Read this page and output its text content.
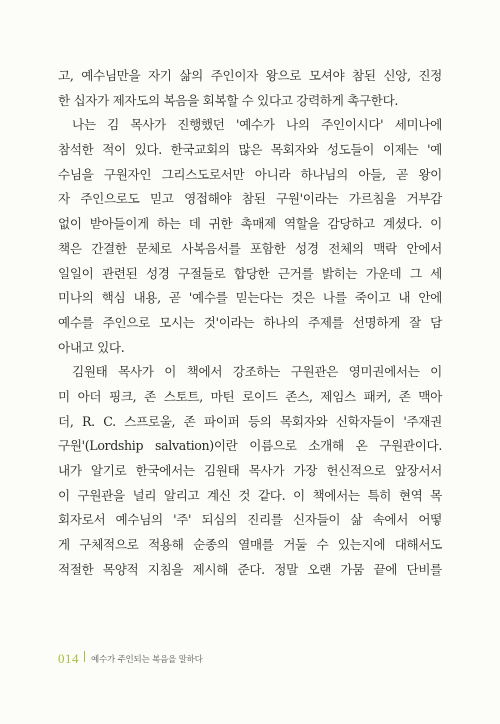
고, 예수님만을 자기 삶의 주인이자 왕으로 모셔야 참된 신앙, 진정
한 십자가 제자도의 복음을 회복할 수 있다고 강력하게 촉구한다.
나는 김 목사가 진행했던 '예수가 나의 주인이시다' 세미나에
참석한 적이 있다. 한국교회의 많은 목회자와 성도들이 이제는 '예
수님을 구원자인 그리스도로서만 아니라 하나님의 아들, 곧 왕이
자 주인으로도 믿고 영접해야 참된 구원'이라는 가르침을 거부감
없이 받아들이게 하는 데 귀한 촉매제 역할을 감당하고 계셨다. 이
책은 간결한 문체로 사복음서를 포함한 성경 전체의 맥락 안에서
일일이 관련된 성경 구절들로 합당한 근거를 밝히는 가운데 그 세
미나의 핵심 내용, 곧 '예수를 믿는다는 것은 나를 죽이고 내 안에
예수를 주인으로 모시는 것'이라는 하나의 주제를 선명하게 잘 담
아내고 있다.
김원태 목사가 이 책에서 강조하는 구원관은 영미권에서는 이
미 아더 핑크, 존 스토트, 마틴 로이드 존스, 제임스 패커, 존 맥아
더, R. C. 스프로울, 존 파이퍼 등의 목회자와 신학자들이 '주재권
구원'(Lordship salvation)이란 이름으로 소개해 온 구원관이다.
내가 알기로 한국에서는 김원태 목사가 가장 헌신적으로 앞장서서
이 구원관을 널리 알리고 계신 것 같다. 이 책에서는 특히 현역 목
회자로서 예수님의 '주' 되심의 진리를 신자들이 삶 속에서 어떻
게 구체적으로 적용해 순종의 열매를 거둘 수 있는지에 대해서도
적절한 목양적 지침을 제시해 준다. 정말 오랜 가뭄 끝에 단비를
014 예수가 주인되는 복음을 말하다
